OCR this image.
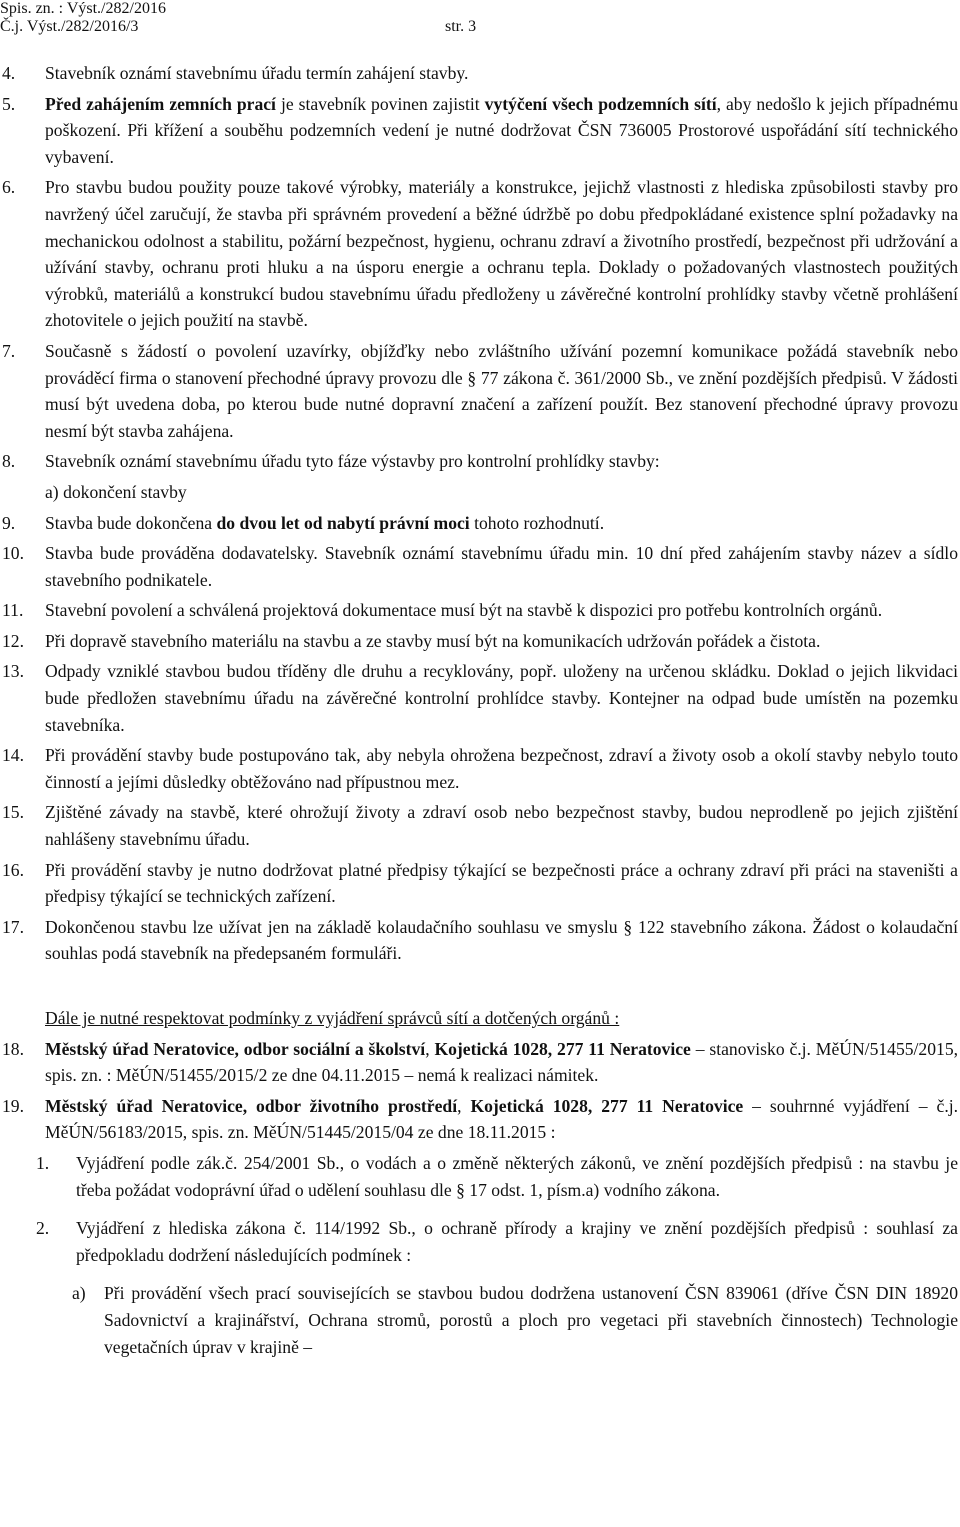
Spis. zn. : Výst./282/2016
Č.j. Výst./282/2016/3	str. 3
4. Stavebník oznámí stavebnímu úřadu termín zahájení stavby.
5. Před zahájením zemních prací je stavebník povinen zajistit vytýčení všech podzemních sítí, aby nedošlo k jejich případnému poškození. Při křížení a souběhu podzemních vedení je nutné dodržovat ČSN 736005 Prostorové uspořádání sítí technického vybavení.
6. Pro stavbu budou použity pouze takové výrobky, materiály a konstrukce, jejichž vlastnosti z hlediska způsobilosti stavby pro navržený účel zaručují, že stavba při správném provedení a běžné údržbě po dobu předpokládané existence splní požadavky na mechanickou odolnost a stabilitu, požární bezpečnost, hygienu, ochranu zdraví a životního prostředí, bezpečnost při udržování a užívání stavby, ochranu proti hluku a na úsporu energie a ochranu tepla. Doklady o požadovaných vlastnostech použitých výrobků, materiálů a konstrukcí budou stavebnímu úřadu předloženy u závěrečné kontrolní prohlídky stavby včetně prohlášení zhotovitele o jejich použití na stavbě.
7. Současně s žádostí o povolení uzavírky, objížďky nebo zvláštního užívání pozemní komunikace požádá stavebník nebo prováděcí firma o stanovení přechodné úpravy provozu dle § 77 zákona č. 361/2000 Sb., ve znění pozdějších předpisů. V žádosti musí být uvedena doba, po kterou bude nutné dopravní značení a zařízení použít. Bez stanovení přechodné úpravy provozu nesmí být stavba zahájena.
8. Stavebník oznámí stavebnímu úřadu tyto fáze výstavby pro kontrolní prohlídky stavby:
a) dokončení stavby
9. Stavba bude dokončena do dvou let od nabytí právní moci tohoto rozhodnutí.
10. Stavba bude prováděna dodavatelsky. Stavebník oznámí stavebnímu úřadu min. 10 dní před zahájením stavby název a sídlo stavebního podnikatele.
11. Stavební povolení a schválená projektová dokumentace musí být na stavbě k dispozici pro potřebu kontrolních orgánů.
12. Při dopravě stavebního materiálu na stavbu a ze stavby musí být na komunikacích udržován pořádek a čistota.
13. Odpady vzniklé stavbou budou tříděny dle druhu a recyklovány, popř. uloženy na určenou skládku. Doklad o jejich likvidaci bude předložen stavebnímu úřadu na závěrečné kontrolní prohlídce stavby. Kontejner na odpad bude umístěn na pozemku stavebníka.
14. Při provádění stavby bude postupováno tak, aby nebyla ohrožena bezpečnost, zdraví a životy osob a okolí stavby nebylo touto činností a jejími důsledky obtěžováno nad přípustnou mez.
15. Zjištěné závady na stavbě, které ohrožují životy a zdraví osob nebo bezpečnost stavby, budou neprodleně po jejich zjištění nahlášeny stavebnímu úřadu.
16. Při provádění stavby je nutno dodržovat platné předpisy týkající se bezpečnosti práce a ochrany zdraví při práci na staveništi a předpisy týkající se technických zařízení.
17. Dokončenou stavbu lze užívat jen na základě kolaudačního souhlasu ve smyslu § 122 stavebního zákona. Žádost o kolaudační souhlas podá stavebník na předepsaném formuláři.
Dále je nutné respektovat podmínky z vyjádření správců sítí a dotčených orgánů :
18. Městský úřad Neratovice, odbor sociální a školství, Kojetická 1028, 277 11 Neratovice – stanovisko č.j. MěÚN/51455/2015, spis. zn. : MěÚN/51455/2015/2 ze dne 04.11.2015 – nemá k realizaci námitek.
19. Městský úřad Neratovice, odbor životního prostředí, Kojetická 1028, 277 11 Neratovice – souhrnné vyjádření – č.j. MěÚN/56183/2015, spis. zn. MěÚN/51445/2015/04 ze dne 18.11.2015 :
1. Vyjádření podle zák.č. 254/2001 Sb., o vodách a o změně některých zákonů, ve znění pozdějších předpisů : na stavbu je třeba požádat vodoprávní úřad o udělení souhlasu dle § 17 odst. 1, písm.a) vodního zákona.
2. Vyjádření z hlediska zákona č. 114/1992 Sb., o ochraně přírody a krajiny ve znění pozdějších předpisů : souhlasí za předpokladu dodržení následujících podmínek :
a) Při provádění všech prací souvisejících se stavbou budou dodržena ustanovení ČSN 839061 (dříve ČSN DIN 18920 Sadovnictví a krajinářství, Ochrana stromů, porostů a ploch pro vegetaci při stavebních činnostech) Technologie vegetačních úprav v krajině –
